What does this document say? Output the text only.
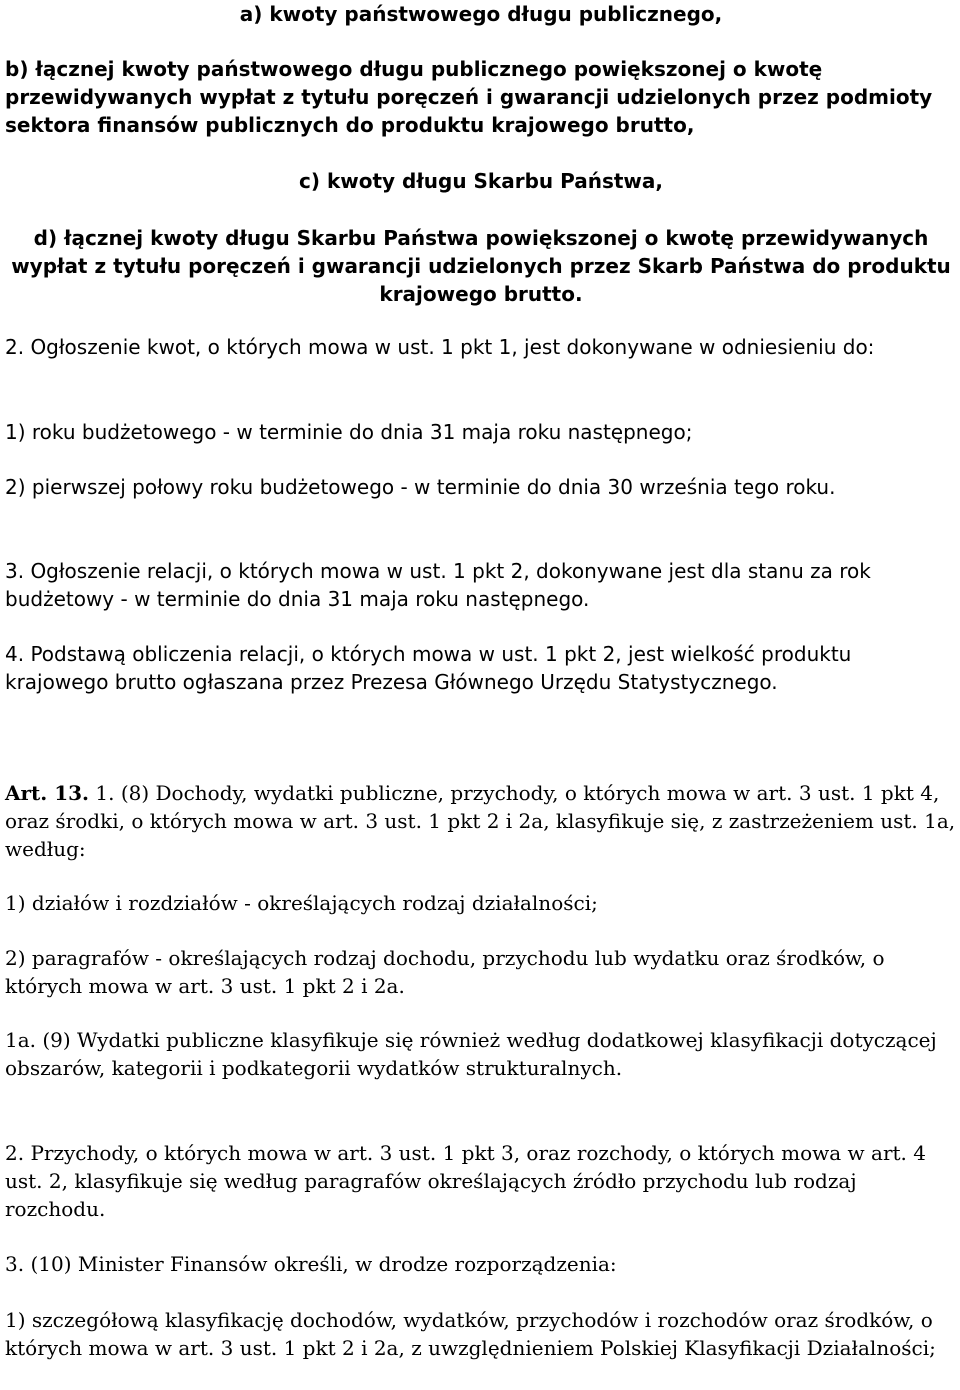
a) kwoty państwowego długu publicznego,

b) łącznej kwoty państwowego długu publicznego powiększonej o kwotę przewidywanych wypłat z tytułu poręczeń i gwarancji udzielonych przez podmioty sektora finansów publicznych do produktu krajowego brutto,

c) kwoty długu Skarbu Państwa,

d) łącznej kwoty długu Skarbu Państwa powiększonej o kwotę przewidywanych wypłat z tytułu poręczeń i gwarancji udzielonych przez Skarb Państwa do produktu krajowego brutto.

2. Ogłoszenie kwot, o których mowa w ust. 1 pkt 1, jest dokonywane w odniesieniu do:

1) roku budżetowego - w terminie do dnia 31 maja roku następnego;

2) pierwszej połowy roku budżetowego - w terminie do dnia 30 września tego roku.

3. Ogłoszenie relacji, o których mowa w ust. 1 pkt 2, dokonywane jest dla stanu za rok budżetowy - w terminie do dnia 31 maja roku następnego.

4. Podstawą obliczenia relacji, o których mowa w ust. 1 pkt 2, jest wielkość produktu krajowego brutto ogłaszana przez Prezesa Głównego Urzędu Statystycznego.

Art. 13. 1. (8) Dochody, wydatki publiczne, przychody, o których mowa w art. 3 ust. 1 pkt 4, oraz środki, o których mowa w art. 3 ust. 1 pkt 2 i 2a, klasyfikuje się, z zastrzeżeniem ust. 1a, według:

1) działów i rozdziałów - określających rodzaj działalności;

2) paragrafów - określających rodzaj dochodu, przychodu lub wydatku oraz środków, o których mowa w art. 3 ust. 1 pkt 2 i 2a.

1a. (9) Wydatki publiczne klasyfikuje się również według dodatkowej klasyfikacji dotyczącej obszarów, kategorii i podkategorii wydatków strukturalnych.

2. Przychody, o których mowa w art. 3 ust. 1 pkt 3, oraz rozchody, o których mowa w art. 4 ust. 2, klasyfikuje się według paragrafów określających źródło przychodu lub rodzaj rozchodu.

3. (10) Minister Finansów określi, w drodze rozporządzenia:

1) szczegółową klasyfikację dochodów, wydatków, przychodów i rozchodów oraz środków, o których mowa w art. 3 ust. 1 pkt 2 i 2a, z uwzględnieniem Polskiej Klasyfikacji Działalności;
